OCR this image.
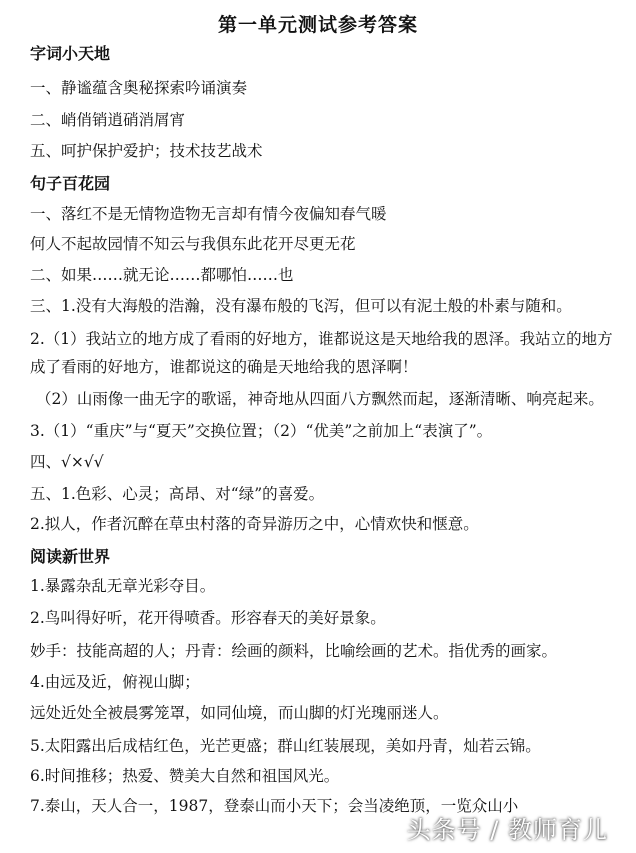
第一单元测试参考答案
字词小天地
一、静谧蕴含奥秘探索吟诵演奏
二、峭俏销逍硝消屑宵
五、呵护保护爱护；技术技艺战术
句子百花园
一、落红不是无情物造物无言却有情今夜偏知春气暖
何人不起故园情不知云与我俱东此花开尽更无花
二、如果……就无论……都哪怕……也
三、1.没有大海般的浩瀚，没有瀑布般的飞泻，但可以有泥土般的朴素与随和。
2.（1）我站立的地方成了看雨的好地方，谁都说这是天地给我的恩泽。我站立的地方
成了看雨的好地方，谁都说这的确是天地给我的恩泽啊！
（2）山雨像一曲无字的歌谣，神奇地从四面八方飘然而起，逐渐清晰、响亮起来。
3.（1）“重庆”与“夏天”交换位置；（2）“优美”之前加上“表演了”。
四、√×√√
五、1.色彩、心灵；高昂、对“绿”的喜爱。
2.拟人，作者沉醉在草虫村落的奇异游历之中，心情欢快和惬意。
阅读新世界
1.暴露杂乱无章光彩夺目。
2.鸟叫得好听，花开得喷香。形容春天的美好景象。
妙手：技能高超的人；丹青：绘画的颜料，比喻绘画的艺术。指优秀的画家。
4.由远及近，俯视山脚；
远处近处全被晨雾笼罩，如同仙境，而山脚的灯光瑰丽迷人。
5.太阳露出后成桔红色，光芒更盛；群山红装展现，美如丹青，灿若云锦。
6.时间推移；热爱、赞美大自然和祖国风光。
7.泰山，天人合一，1987，登泰山而小天下；会当凌绝顶，一览众山小
头条号 / 教师育儿
